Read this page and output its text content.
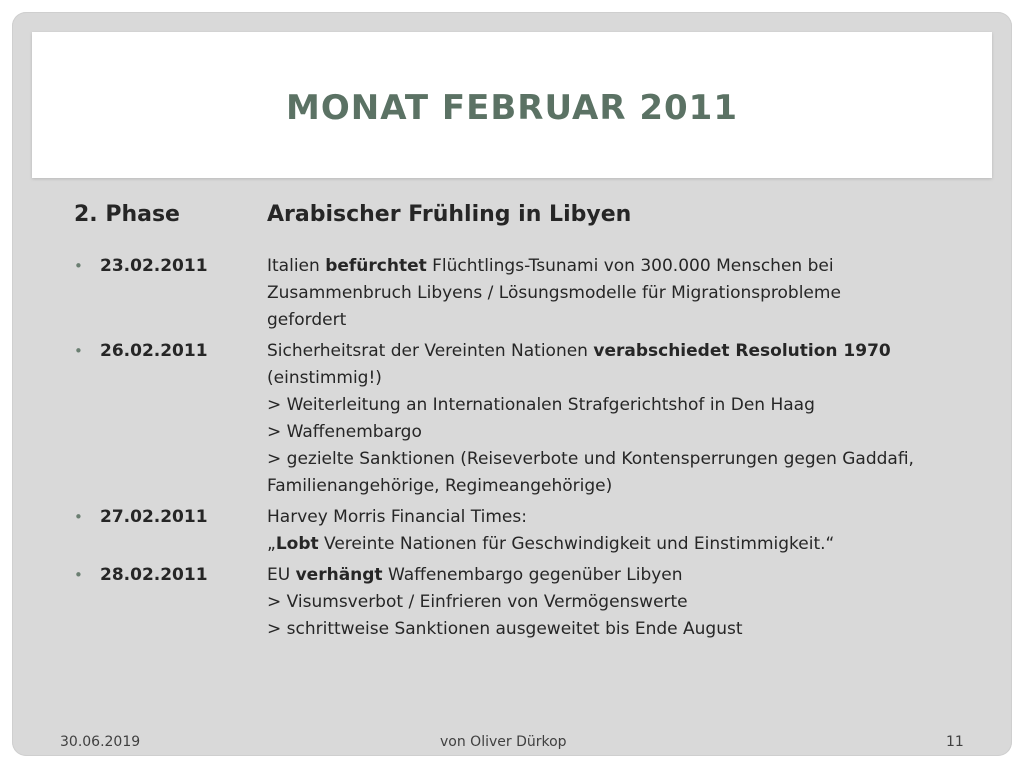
MONAT FEBRUAR 2011
2. Phase	Arabischer Frühling in Libyen
•	23.02.2011	Italien befürchtet Flüchtlings-Tsunami von 300.000 Menschen bei
Zusammenbruch Libyens / Lösungsmodelle für Migrationsprobleme
gefordert
•	26.02.2011	Sicherheitsrat der Vereinten Nationen verabschiedet Resolution 1970
(einstimmig!)
> Weiterleitung an Internationalen Strafgerichtshof in Den Haag
> Waffenembargo
> gezielte Sanktionen (Reiseverbote und Kontensperrungen gegen Gaddafi,
Familienangehörige, Regimeangehörige)
•	27.02.2011	Harvey Morris Financial Times:
„Lobt Vereinte Nationen für Geschwindigkeit und Einstimmigkeit.“
•	28.02.2011	EU verhängt Waffenembargo gegenüber Libyen
> Visumsverbot / Einfrieren von Vermögenswerte
> schrittweise Sanktionen ausgeweitet bis Ende August
30.06.2019	von Oliver Dürkop	11
